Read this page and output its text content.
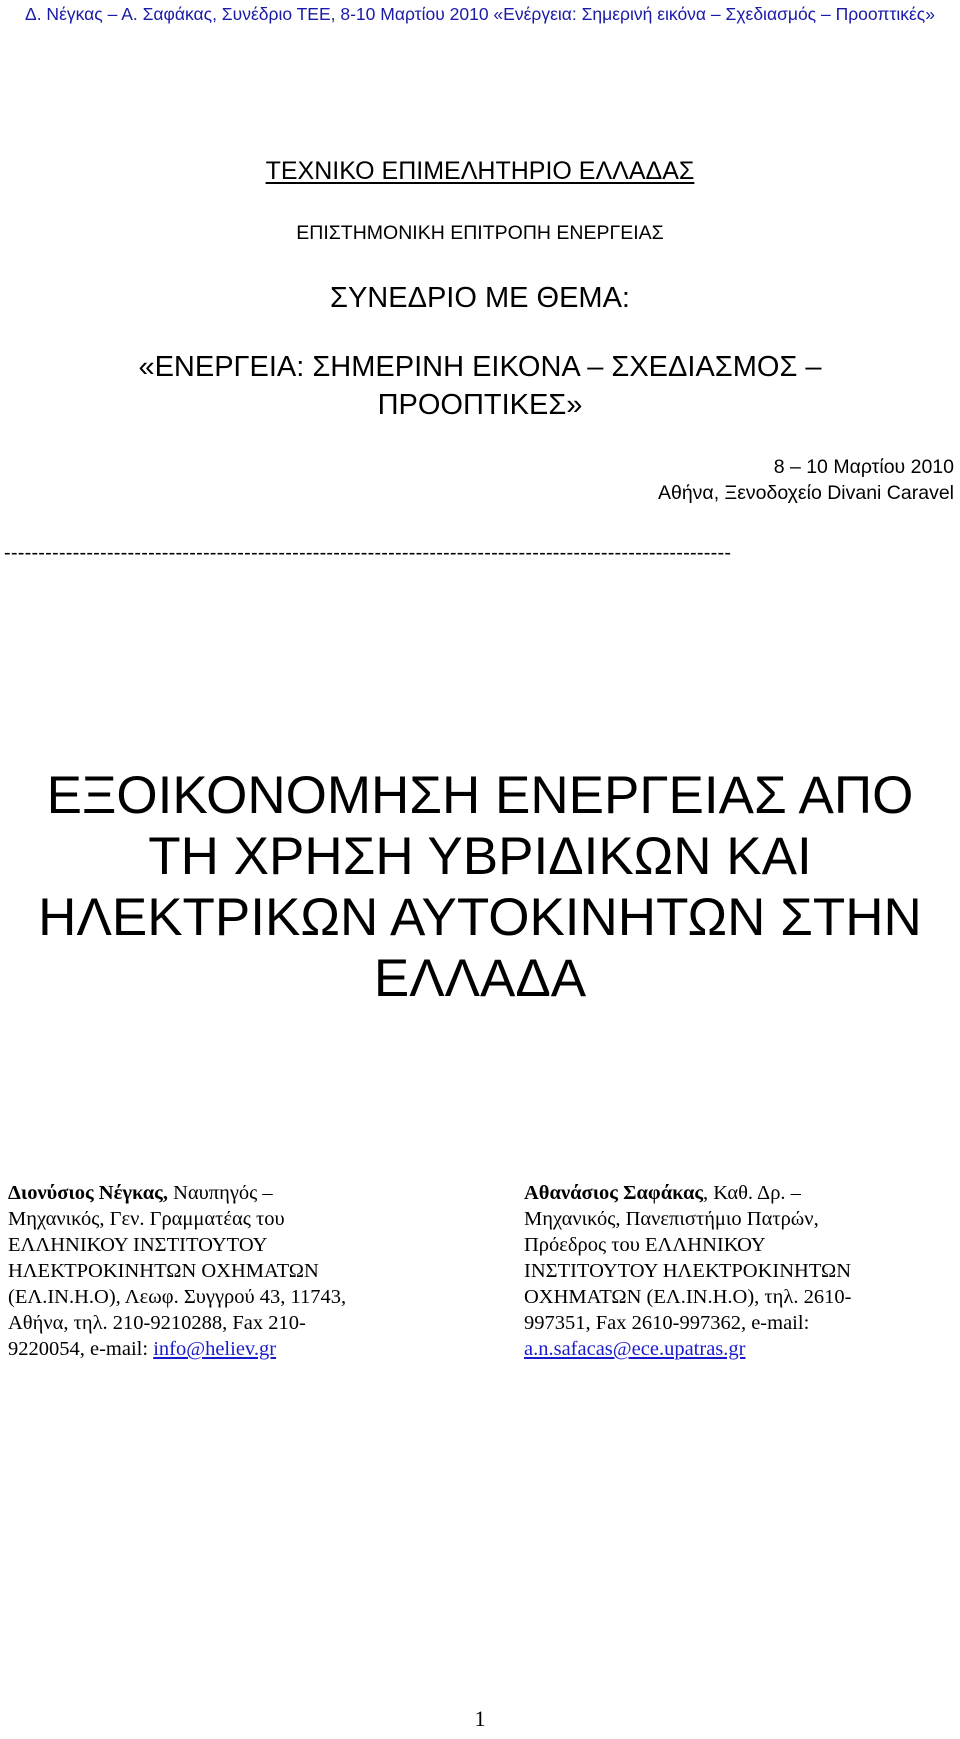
Δ. Νέγκας – Α. Σαφάκας, Συνέδριο ΤΕΕ, 8-10 Μαρτίου 2010 «Ενέργεια: Σημερινή εικόνα – Σχεδιασμός – Προοπτικές»
ΤΕΧΝΙΚΟ ΕΠΙΜΕΛΗΤΗΡΙΟ ΕΛΛΑΔΑΣ
ΕΠΙΣΤΗΜΟΝΙΚΗ ΕΠΙΤΡΟΠΗ ΕΝΕΡΓΕΙΑΣ
ΣΥΝΕΔΡΙΟ ΜΕ ΘΕΜΑ:
«ΕΝΕΡΓΕΙΑ: ΣΗΜΕΡΙΝΗ ΕΙΚΟΝΑ – ΣΧΕΔΙΑΣΜΟΣ –
ΠΡΟΟΠΤΙΚΕΣ»
8 – 10 Μαρτίου 2010
Αθήνα, Ξενοδοχείο Divani Caravel
----------------------------------------------------------------------------------------------------------
ΕΞΟΙΚΟΝΟΜΗΣΗ ΕΝΕΡΓΕΙΑΣ ΑΠΟ
ΤΗ ΧΡΗΣΗ ΥΒΡΙΔΙΚΩΝ ΚΑΙ
ΗΛΕΚΤΡΙΚΩΝ ΑΥΤΟΚΙΝΗΤΩΝ ΣΤΗΝ
ΕΛΛΑΔΑ
Διονύσιος Νέγκας, Ναυπηγός –
Μηχανικός, Γεν. Γραμματέας του
ΕΛΛΗΝΙΚΟΥ ΙΝΣΤΙΤΟΥΤΟΥ
ΗΛΕΚΤΡΟΚΙΝΗΤΩΝ ΟΧΗΜΑΤΩΝ
(ΕΛ.ΙΝ.Η.Ο), Λεωφ. Συγγρού 43, 11743,
Αθήνα, τηλ. 210-9210288, Fax 210-
9220054, e-mail: info@heliev.gr
Αθανάσιος Σαφάκας, Καθ. Δρ. –
Μηχανικός, Πανεπιστήμιο Πατρών,
Πρόεδρος του ΕΛΛΗΝΙΚΟΥ
ΙΝΣΤΙΤΟΥΤΟΥ ΗΛΕΚΤΡΟΚΙΝΗΤΩΝ
ΟΧΗΜΑΤΩΝ (ΕΛ.ΙΝ.Η.Ο), τηλ. 2610-
997351, Fax 2610-997362, e-mail:
a.n.safacas@ece.upatras.gr
1
